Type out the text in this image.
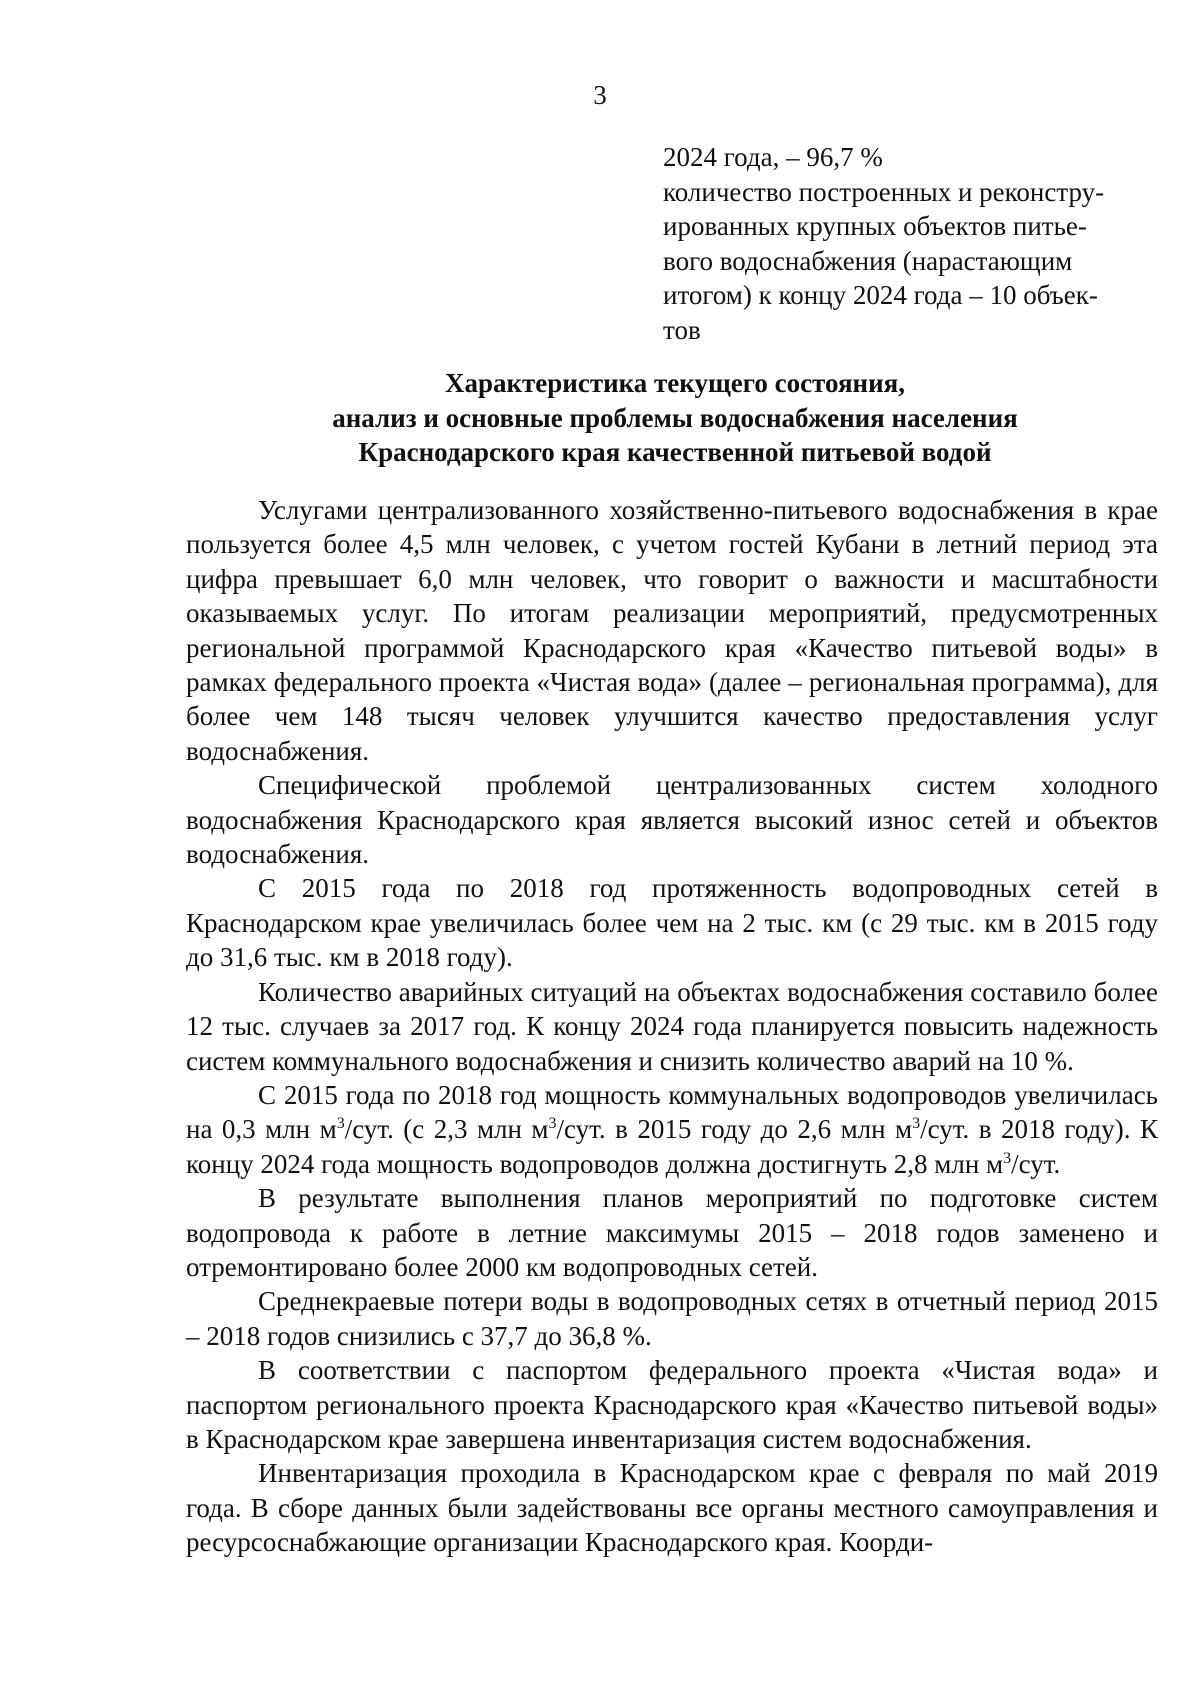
3
2024 года, – 96,7 %
количество построенных и реконстру-
ированных крупных объектов питье-
вого водоснабжения (нарастающим
итогом) к концу 2024 года – 10 объек-
тов
Характеристика текущего состояния,
анализ и основные проблемы водоснабжения населения
Краснодарского края качественной питьевой водой

Услугами централизованного хозяйственно-питьевого водоснабжения в крае пользуется более 4,5 млн человек, с учетом гостей Кубани в летний период эта цифра превышает 6,0 млн человек, что говорит о важности и масштабности оказываемых услуг. По итогам реализации мероприятий, предусмотренных региональной программой Краснодарского края «Качество питьевой воды» в рамках федерального проекта «Чистая вода» (далее – региональная программа), для более чем 148 тысяч человек улучшится качество предоставления услуг водоснабжения.

Специфической проблемой централизованных систем холодного водоснабжения Краснодарского края является высокий износ сетей и объектов водоснабжения.

С 2015 года по 2018 год протяженность водопроводных сетей в Краснодарском крае увеличилась более чем на 2 тыс. км (с 29 тыс. км в 2015 году до 31,6 тыс. км в 2018 году).

Количество аварийных ситуаций на объектах водоснабжения составило более 12 тыс. случаев за 2017 год. К концу 2024 года планируется повысить надежность систем коммунального водоснабжения и снизить количество аварий на 10 %.

С 2015 года по 2018 год мощность коммунальных водопроводов увеличилась на 0,3 млн $м^3$/сут. (с 2,3 млн $м^3$/сут. в 2015 году до 2,6 млн $м^3$/сут. в 2018 году). К концу 2024 года мощность водопроводов должна достигнуть 2,8 млн $м^3$/сут.

В результате выполнения планов мероприятий по подготовке систем водопровода к работе в летние максимумы 2015 – 2018 годов заменено и отремонтировано более 2000 км водопроводных сетей.

Среднекраевые потери воды в водопроводных сетях в отчетный период 2015 – 2018 годов снизились с 37,7 до 36,8 %.

В соответствии с паспортом федерального проекта «Чистая вода» и паспортом регионального проекта Краснодарского края «Качество питьевой воды» в Краснодарском крае завершена инвентаризация систем водоснабжения.

Инвентаризация проходила в Краснодарском крае с февраля по май 2019 года. В сборе данных были задействованы все органы местного самоуправления и ресурсоснабжающие организации Краснодарского края. Коорди-
